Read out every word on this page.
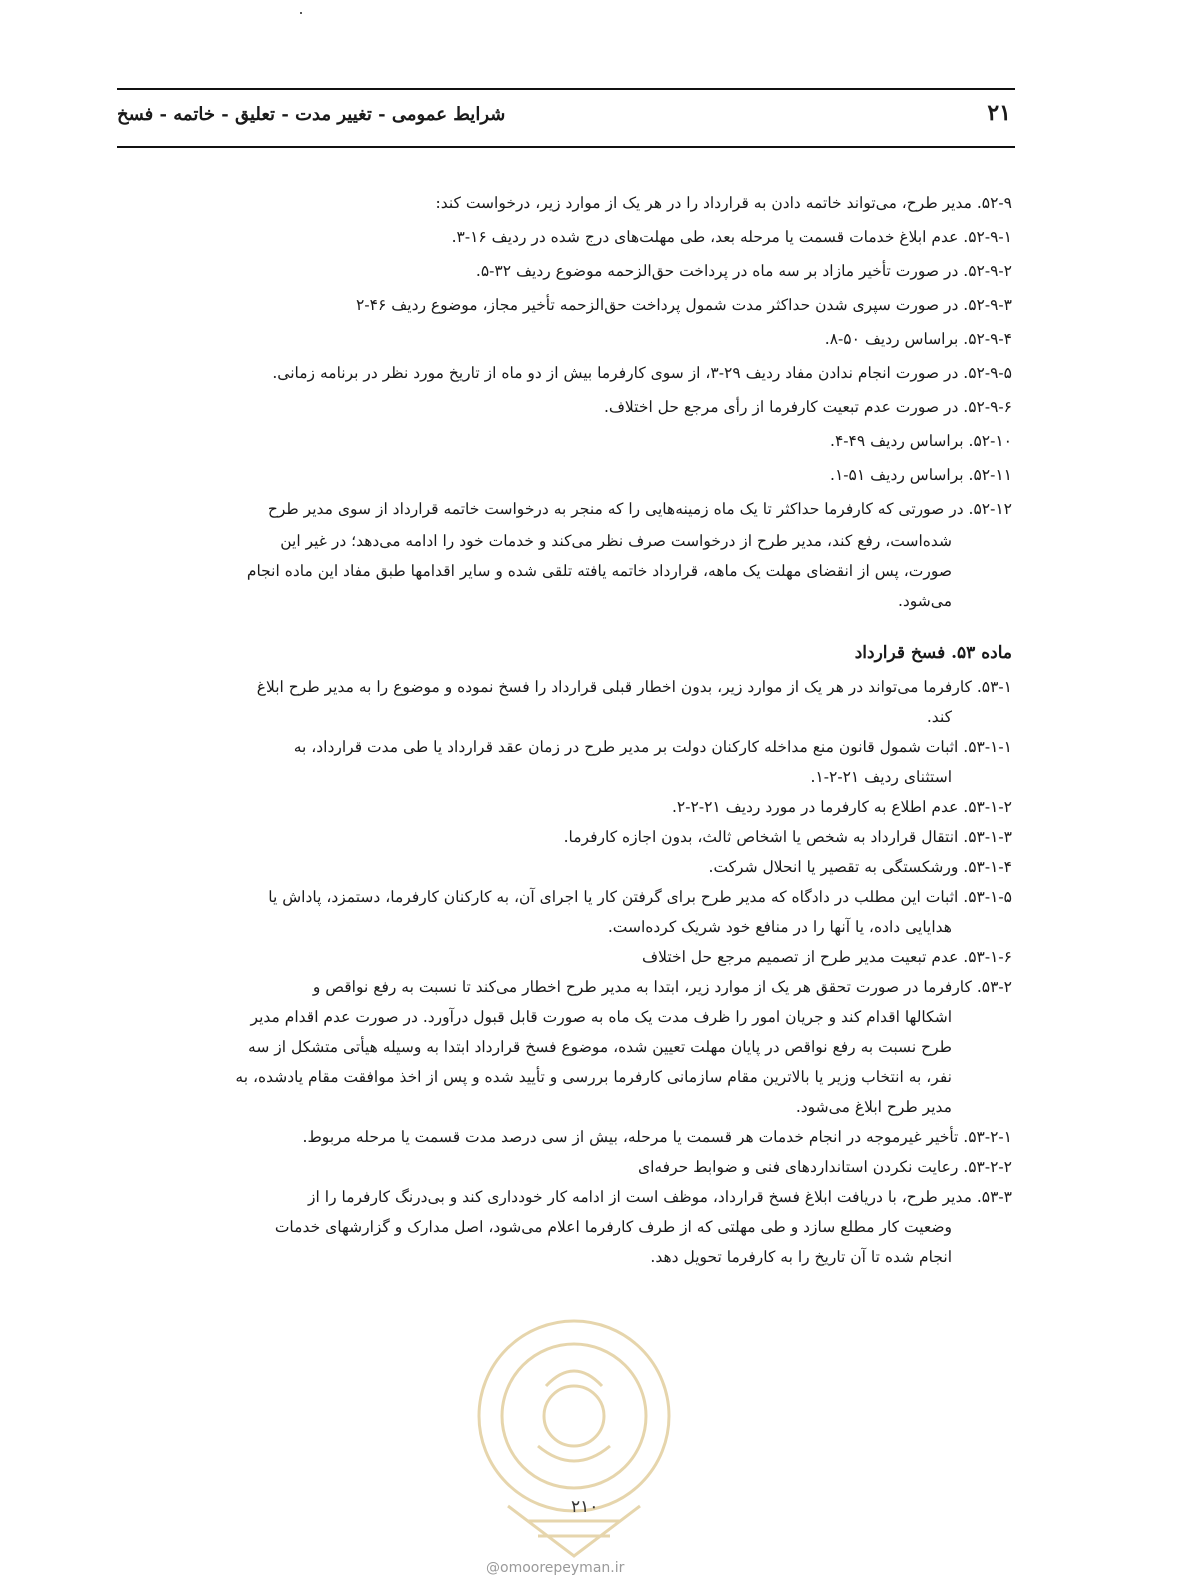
شرایط عمومی - تغییر مدت - تعلیق - خاتمه - فسخ	۲۱
۵۲-۹. مدیر طرح، می‌تواند خاتمه دادن به قرارداد را در هر یک از موارد زیر، درخواست کند:
۵۲-۹-۱. عدم ابلاغ خدمات قسمت یا مرحله بعد، طی مهلت‌های درج شده در ردیف ۱۶-۳.
۵۲-۹-۲. در صورت تأخیر مازاد بر سه ماه در پرداخت حق‌الزحمه موضوع ردیف ۳۲-۵.
۵۲-۹-۳. در صورت سپری شدن حداکثر مدت شمول پرداخت حق‌الزحمه تأخیر مجاز، موضوع ردیف ۴۶-۲
۵۲-۹-۴. براساس ردیف ۵۰-۸.
۵۲-۹-۵. در صورت انجام ندادن مفاد ردیف ۲۹-۳، از سوی کارفرما بیش از دو ماه از تاریخ مورد نظر در برنامه زمانی.
۵۲-۹-۶. در صورت عدم تبعیت کارفرما از رأی مرجع حل اختلاف.
۵۲-۱۰. براساس ردیف ۴۹-۴.
۵۲-۱۱. براساس ردیف ۵۱-۱.
۵۲-۱۲. در صورتی که کارفرما حداکثر تا یک ماه زمینه‌هایی را که منجر به درخواست خاتمه قرارداد از سوی مدیر طرح
شده‌است، رفع کند، مدیر طرح از درخواست صرف نظر می‌کند و خدمات خود را ادامه می‌دهد؛ در غیر این
صورت، پس از انقضای مهلت یک ماهه، قرارداد خاتمه یافته تلقی شده و سایر اقدامها طبق مفاد این ماده انجام
می‌شود.
ماده ۵۳. فسخ قرارداد
۵۳-۱. کارفرما می‌تواند در هر یک از موارد زیر، بدون اخطار قبلی قرارداد را فسخ نموده و موضوع را به مدیر طرح ابلاغ
کند.
۵۳-۱-۱. اثبات شمول قانون منع مداخله کارکنان دولت بر مدیر طرح در زمان عقد قرارداد یا طی مدت قرارداد، به
استثنای ردیف ۲۱-۲-۱.
۵۳-۱-۲. عدم اطلاع به کارفرما در مورد ردیف ۲۱-۲-۲.
۵۳-۱-۳. انتقال قرارداد به شخص یا اشخاص ثالث، بدون اجازه کارفرما.
۵۳-۱-۴. ورشکستگی به تقصیر یا انحلال شرکت.
۵۳-۱-۵. اثبات این مطلب در دادگاه که مدیر طرح برای گرفتن کار یا اجرای آن، به کارکنان کارفرما، دستمزد، پاداش یا
هدایایی داده، یا آنها را در منافع خود شریک کرده‌است.
۵۳-۱-۶. عدم تبعیت مدیر طرح از تصمیم مرجع حل اختلاف
۵۳-۲. کارفرما در صورت تحقق هر یک از موارد زیر، ابتدا به مدیر طرح اخطار می‌کند تا نسبت به رفع نواقص و
اشکالها اقدام کند و جریان امور را ظرف مدت یک ماه به صورت قابل قبول درآورد. در صورت عدم اقدام مدیر
طرح نسبت به رفع نواقص در پایان مهلت تعیین شده، موضوع فسخ قرارداد ابتدا به وسیله هیأتی متشکل از سه
نفر، به انتخاب وزیر یا بالاترین مقام سازمانی کارفرما بررسی و تأیید شده و پس از اخذ موافقت مقام یادشده، به
مدیر طرح ابلاغ می‌شود.
۵۳-۲-۱. تأخیر غیرموجه در انجام خدمات هر قسمت یا مرحله، بیش از سی درصد مدت قسمت یا مرحله مربوط.
۵۳-۲-۲. رعایت نکردن استانداردهای فنی و ضوابط حرفه‌ای
۵۳-۳. مدیر طرح، با دریافت ابلاغ فسخ قرارداد، موظف است از ادامه کار خودداری کند و بی‌درنگ کارفرما را از
وضعیت کار مطلع سازد و طی مهلتی که از طرف کارفرما اعلام می‌شود، اصل مدارک و گزارشهای خدمات
انجام شده تا آن تاریخ را به کارفرما تحویل دهد.
۲۱۰
@omoorepeyman.ir
